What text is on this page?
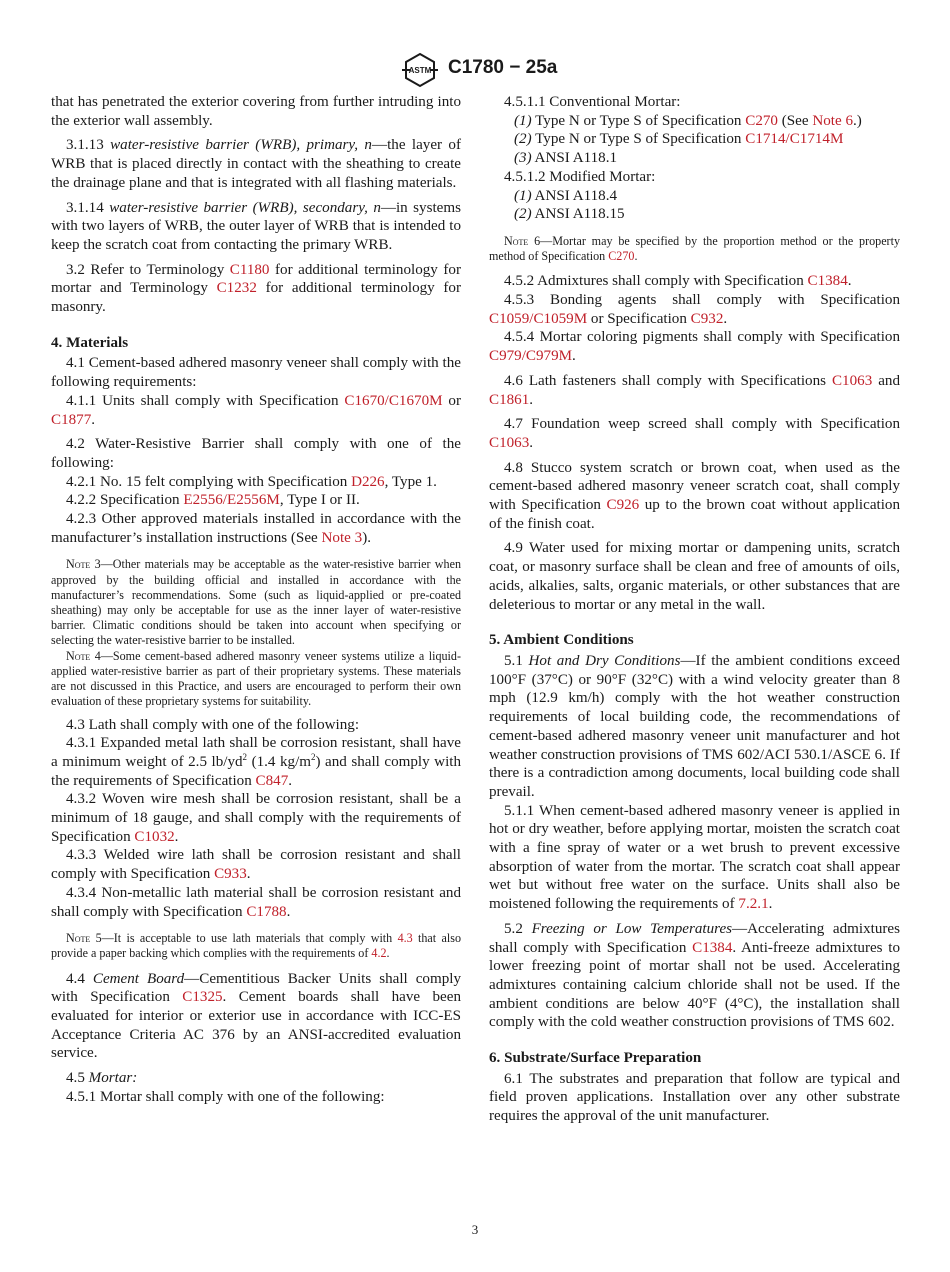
ASTM C1780 − 25a

that has penetrated the exterior covering from further intruding into the exterior wall assembly.

3.1.13 water-resistive barrier (WRB), primary, n—the layer of WRB that is placed directly in contact with the sheathing to create the drainage plane and that is integrated with all flashing materials.

3.1.14 water-resistive barrier (WRB), secondary, n—in systems with two layers of WRB, the outer layer of WRB that is intended to keep the scratch coat from contacting the primary WRB.

3.2 Refer to Terminology C1180 for additional terminology for mortar and Terminology C1232 for additional terminology for masonry.

4. Materials

4.1 Cement-based adhered masonry veneer shall comply with the following requirements:

4.1.1 Units shall comply with Specification C1670/C1670M or C1877.

4.2 Water-Resistive Barrier shall comply with one of the following:

4.2.1 No. 15 felt complying with Specification D226, Type 1.

4.2.2 Specification E2556/E2556M, Type I or II.

4.2.3 Other approved materials installed in accordance with the manufacturer’s installation instructions (See Note 3).

Note 3—Other materials may be acceptable as the water-resistive barrier when approved by the building official and installed in accordance with the manufacturer’s recommendations. Some (such as liquid-applied or pre-coated sheathing) may only be acceptable for use as the inner layer of water-resistive barrier. Climatic conditions should be taken into account when specifying or selecting the water-resistive barrier to be installed.

Note 4—Some cement-based adhered masonry veneer systems utilize a liquid-applied water-resistive barrier as part of their proprietary systems. These materials are not discussed in this Practice, and users are encouraged to perform their own evaluation of these proprietary systems for suitability.

4.3 Lath shall comply with one of the following:

4.3.1 Expanded metal lath shall be corrosion resistant, shall have a minimum weight of 2.5 $lb/yd^2$ (1.4 $kg/m^2$) and shall comply with the requirements of Specification C847.

4.3.2 Woven wire mesh shall be corrosion resistant, shall be a minimum of 18 gauge, and shall comply with the requirements of Specification C1032.

4.3.3 Welded wire lath shall be corrosion resistant and shall comply with Specification C933.

4.3.4 Non-metallic lath material shall be corrosion resistant and shall comply with Specification C1788.

Note 5—It is acceptable to use lath materials that comply with 4.3 that also provide a paper backing which complies with the requirements of 4.2.

4.4 Cement Board—Cementitious Backer Units shall comply with Specification C1325. Cement boards shall have been evaluated for interior or exterior use in accordance with ICC-ES Acceptance Criteria AC 376 by an ANSI-accredited evaluation service.

4.5 Mortar:

4.5.1 Mortar shall comply with one of the following:

4.5.1.1 Conventional Mortar:

(1) Type N or Type S of Specification C270 (See Note 6.)

(2) Type N or Type S of Specification C1714/C1714M

(3) ANSI A118.1

4.5.1.2 Modified Mortar:

(1) ANSI A118.4

(2) ANSI A118.15

Note 6—Mortar may be specified by the proportion method or the property method of Specification C270.

4.5.2 Admixtures shall comply with Specification C1384.

4.5.3 Bonding agents shall comply with Specification C1059/C1059M or Specification C932.

4.5.4 Mortar coloring pigments shall comply with Specification C979/C979M.

4.6 Lath fasteners shall comply with Specifications C1063 and C1861.

4.7 Foundation weep screed shall comply with Specification C1063.

4.8 Stucco system scratch or brown coat, when used as the cement-based adhered masonry veneer scratch coat, shall comply with Specification C926 up to the brown coat without application of the finish coat.

4.9 Water used for mixing mortar or dampening units, scratch coat, or masonry surface shall be clean and free of amounts of oils, acids, alkalies, salts, organic materials, or other substances that are deleterious to mortar or any metal in the wall.

5. Ambient Conditions

5.1 Hot and Dry Conditions—If the ambient conditions exceed 100°F (37°C) or 90°F (32°C) with a wind velocity greater than 8 mph (12.9 km/h) comply with the hot weather construction requirements of local building code, the recommendations of cement-based adhered masonry veneer unit manufacturer and hot weather construction provisions of TMS 602/ACI 530.1/ASCE 6. If there is a contradiction among documents, local building code shall prevail.

5.1.1 When cement-based adhered masonry veneer is applied in hot or dry weather, before applying mortar, moisten the scratch coat with a fine spray of water or a wet brush to prevent excessive absorption of water from the mortar. The scratch coat shall appear wet but without free water on the surface. Units shall also be moistened following the requirements of 7.2.1.

5.2 Freezing or Low Temperatures—Accelerating admixtures shall comply with Specification C1384. Anti-freeze admixtures to lower freezing point of mortar shall not be used. Accelerating admixtures containing calcium chloride shall not be used. If the ambient conditions are below 40°F (4°C), the installation shall comply with the cold weather construction provisions of TMS 602.

6. Substrate/Surface Preparation

6.1 The substrates and preparation that follow are typical and field proven applications. Installation over any other substrate requires the approval of the unit manufacturer.

3
